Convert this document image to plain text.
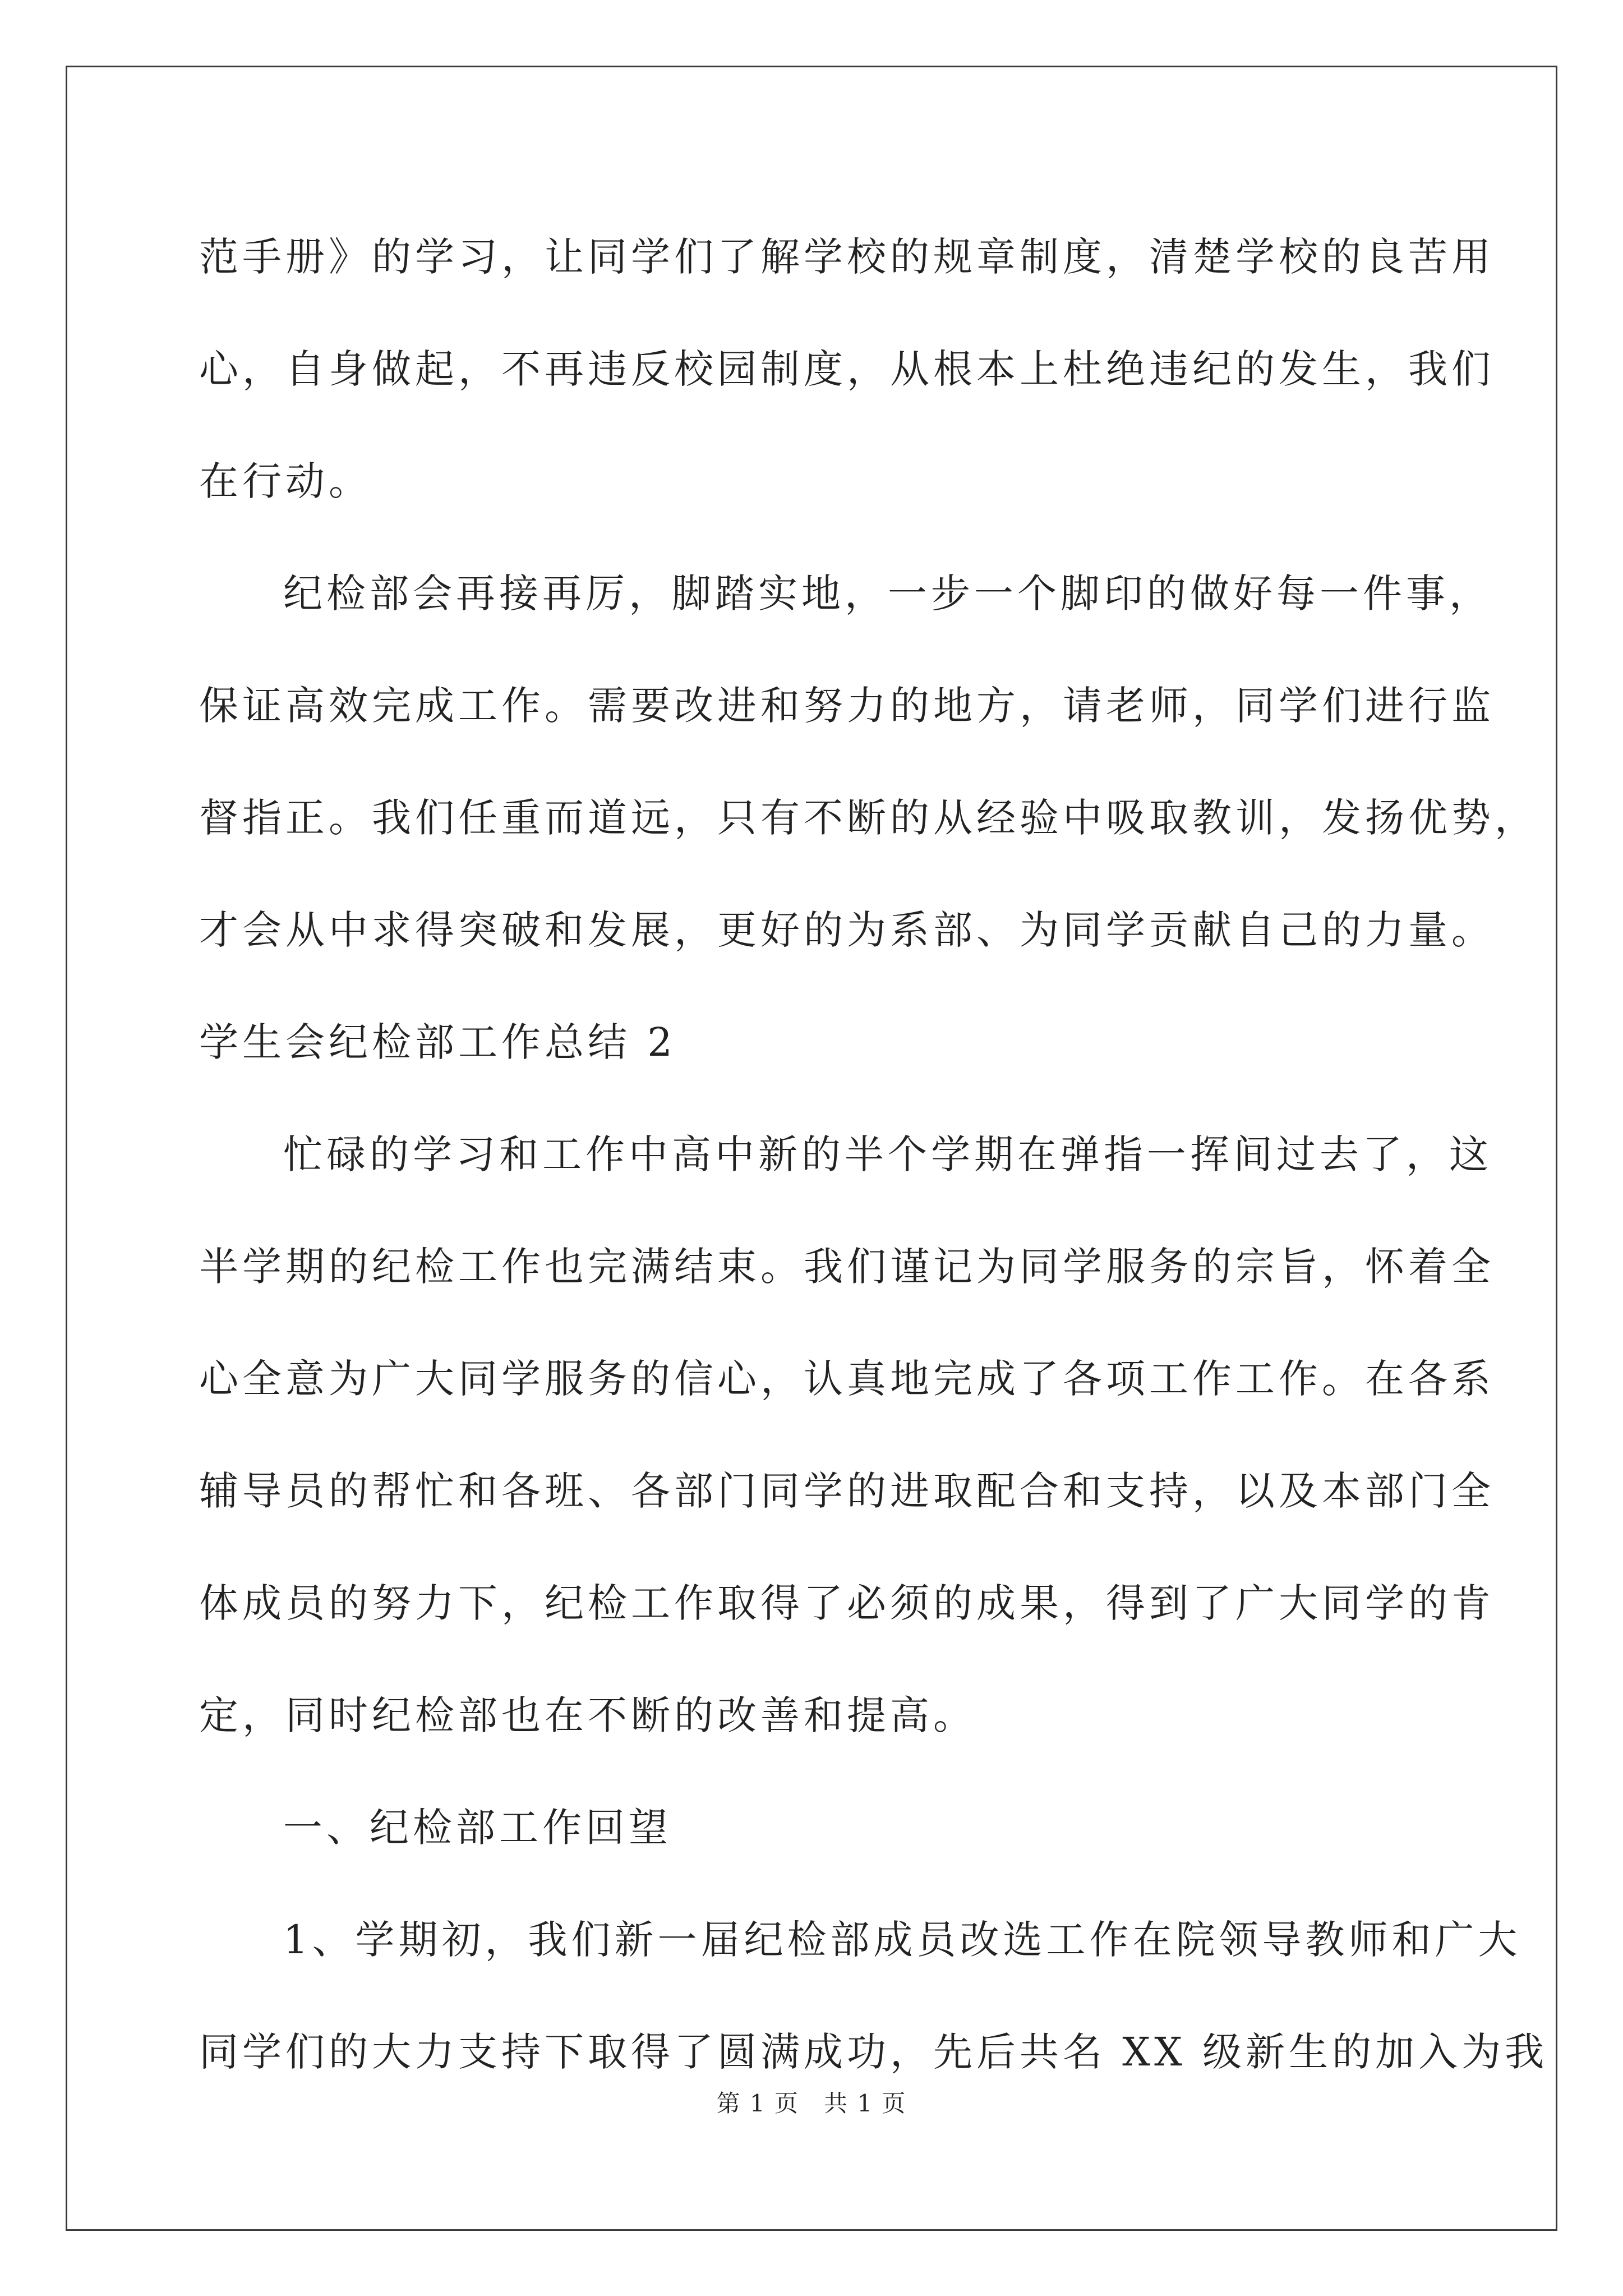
范手册》的学习，让同学们了解学校的规章制度，清楚学校的良苦用
心，自身做起，不再违反校园制度，从根本上杜绝违纪的发生，我们
在行动。
纪检部会再接再厉，脚踏实地，一步一个脚印的做好每一件事，
保证高效完成工作。需要改进和努力的地方，请老师，同学们进行监
督指正。我们任重而道远，只有不断的从经验中吸取教训，发扬优势，
才会从中求得突破和发展，更好的为系部、为同学贡献自己的力量。
学生会纪检部工作总结 2
忙碌的学习和工作中高中新的半个学期在弹指一挥间过去了，这
半学期的纪检工作也完满结束。我们谨记为同学服务的宗旨，怀着全
心全意为广大同学服务的信心，认真地完成了各项工作工作。在各系
辅导员的帮忙和各班、各部门同学的进取配合和支持，以及本部门全
体成员的努力下，纪检工作取得了必须的成果，得到了广大同学的肯
定，同时纪检部也在不断的改善和提高。
一、纪检部工作回望
1、学期初，我们新一届纪检部成员改选工作在院领导教师和广大
同学们的大力支持下取得了圆满成功，先后共名 XX 级新生的加入为我
第 1 页　共 1 页
